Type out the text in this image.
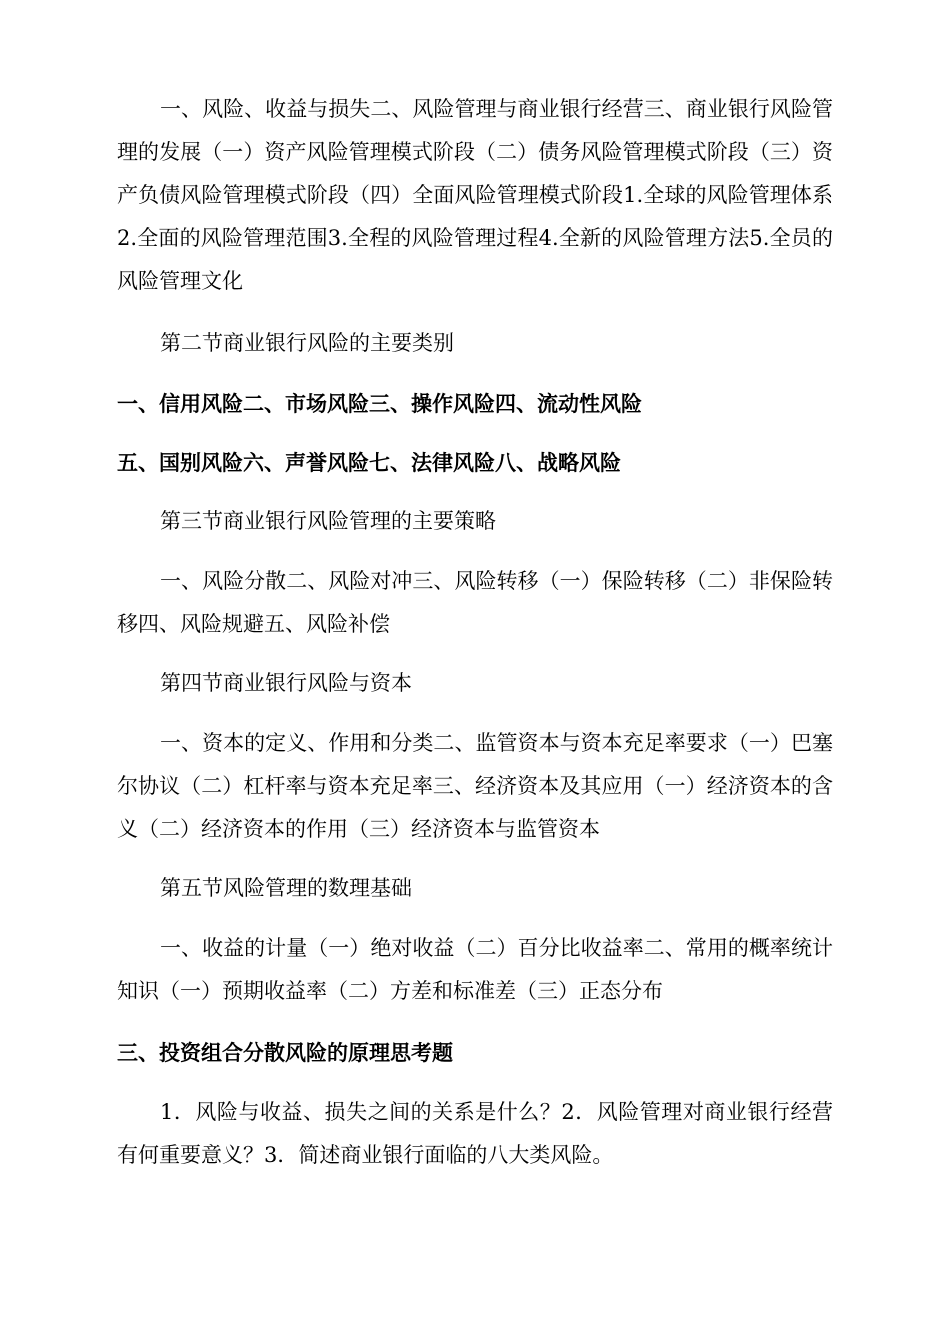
一、风险、收益与损失二、风险管理与商业银行经营三、商业银行风险管理的发展（一）资产风险管理模式阶段（二）债务风险管理模式阶段（三）资产负债风险管理模式阶段（四）全面风险管理模式阶段1.全球的风险管理体系2.全面的风险管理范围3.全程的风险管理过程4.全新的风险管理方法5.全员的风险管理文化

第二节商业银行风险的主要类别

一、信用风险二、市场风险三、操作风险四、流动性风险

五、国别风险六、声誉风险七、法律风险八、战略风险

第三节商业银行风险管理的主要策略

一、风险分散二、风险对冲三、风险转移（一）保险转移（二）非保险转移四、风险规避五、风险补偿

第四节商业银行风险与资本

一、资本的定义、作用和分类二、监管资本与资本充足率要求（一）巴塞尔协议（二）杠杆率与资本充足率三、经济资本及其应用（一）经济资本的含义（二）经济资本的作用（三）经济资本与监管资本

第五节风险管理的数理基础

一、收益的计量（一）绝对收益（二）百分比收益率二、常用的概率统计知识（一）预期收益率（二）方差和标准差（三）正态分布

三、投资组合分散风险的原理思考题

1．风险与收益、损失之间的关系是什么？2．风险管理对商业银行经营有何重要意义？3．简述商业银行面临的八大类风险。
